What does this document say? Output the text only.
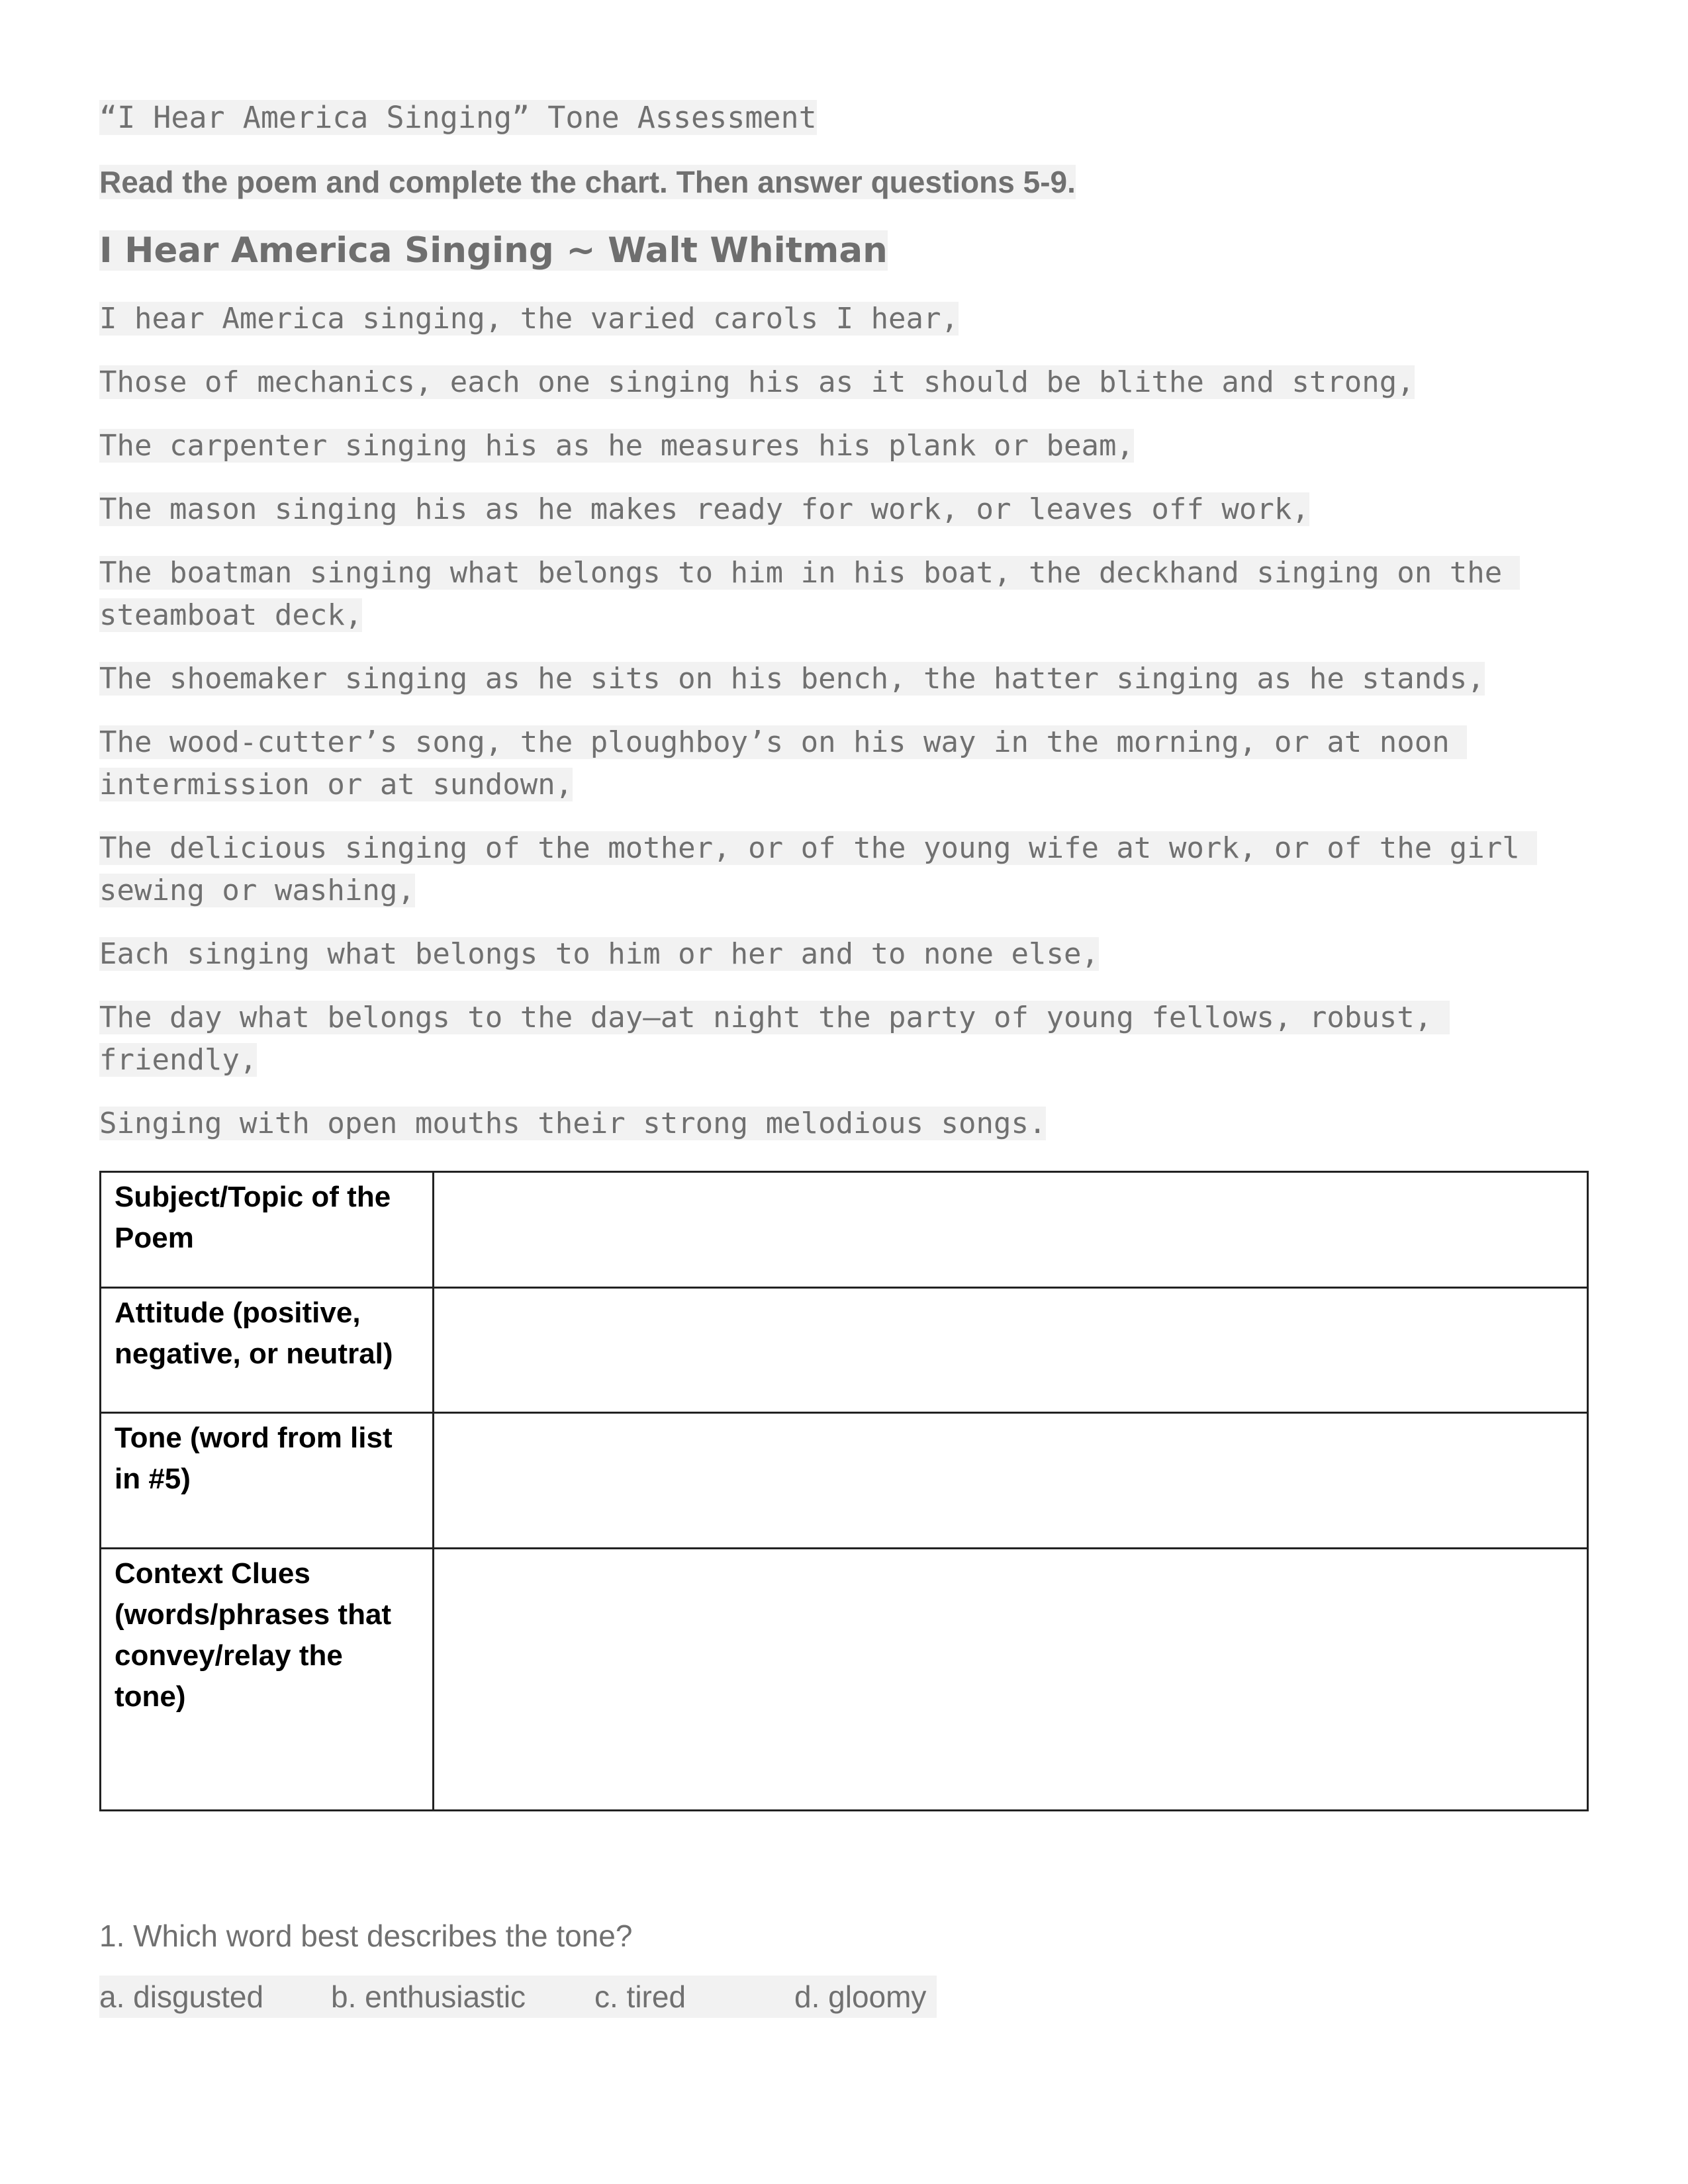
“I Hear America Singing” Tone Assessment
Read the poem and complete the chart. Then answer questions 5-9.
I Hear America Singing ~ Walt Whitman
I hear America singing, the varied carols I hear,
Those of mechanics, each one singing his as it should be blithe and strong,
The carpenter singing his as he measures his plank or beam,
The mason singing his as he makes ready for work, or leaves off work,
The boatman singing what belongs to him in his boat, the deckhand singing on the steamboat deck,
The shoemaker singing as he sits on his bench, the hatter singing as he stands,
The wood-cutter’s song, the ploughboy’s on his way in the morning, or at noon intermission or at sundown,
The delicious singing of the mother, or of the young wife at work, or of the girl sewing or washing,
Each singing what belongs to him or her and to none else,
The day what belongs to the day—at night the party of young fellows, robust, friendly,
Singing with open mouths their strong melodious songs.
Subject/Topic of the Poem	
Attitude (positive, negative, or neutral)	
Tone (word from list in #5)	
Context Clues (words/phrases that convey/relay the tone)	
1. Which word best describes the tone?
a. disgusted b. enthusiastic c. tired	d. gloomy
